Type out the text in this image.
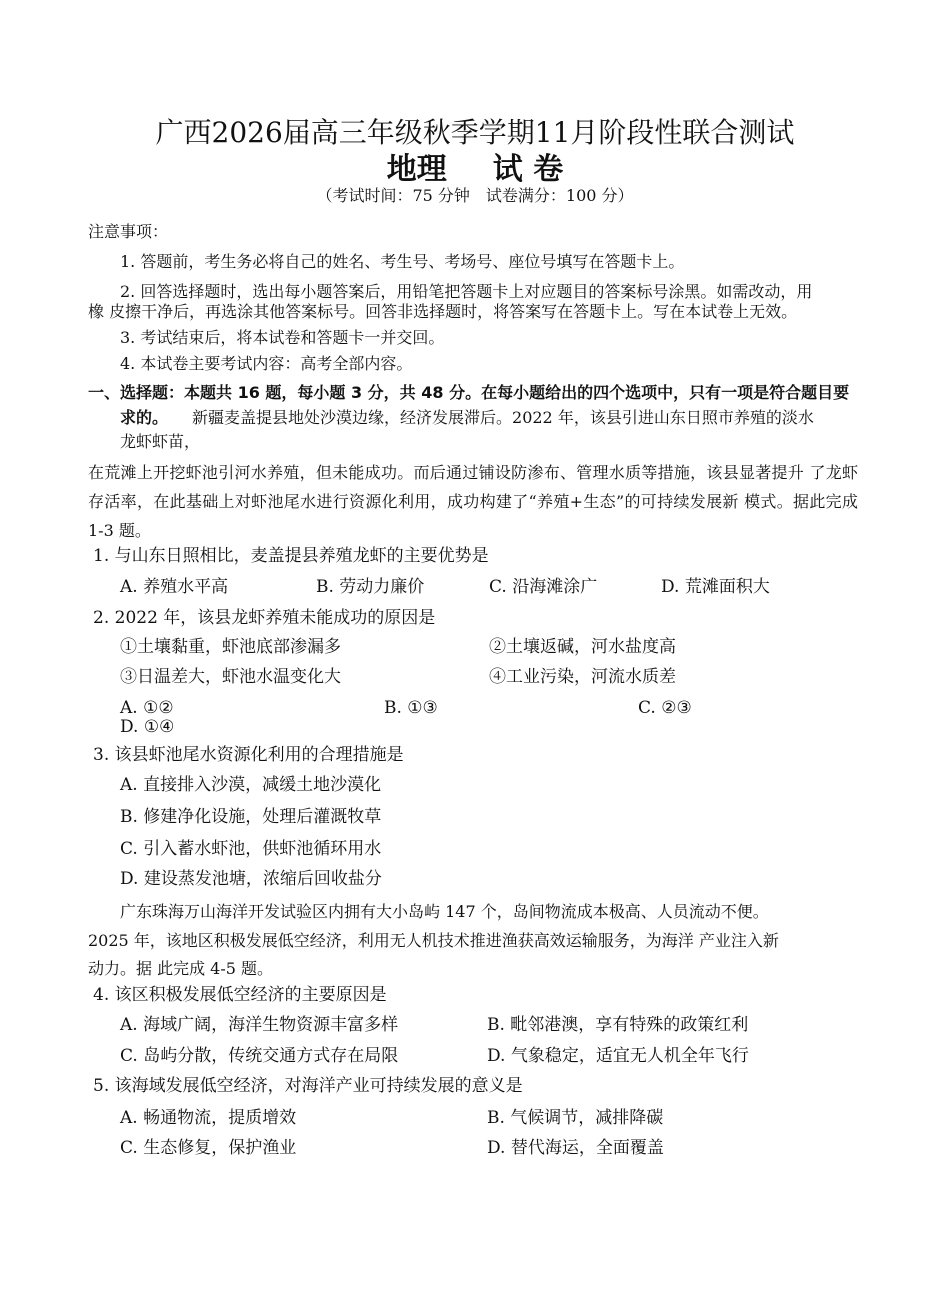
广西2026届高三年级秋季学期11月阶段性联合测试
地理 试 卷
（考试时间：75 分钟　试卷满分：100 分）
注意事项：
1. 答题前，考生务必将自己的姓名、考生号、考场号、座位号填写在答题卡上。
2. 回答选择题时，选出每小题答案后，用铅笔把答题卡上对应题目的答案标号涂黑。如需改动，用
橡 皮擦干净后，再选涂其他答案标号。回答非选择题时，将答案写在答题卡上。写在本试卷上无效。
3. 考试结束后，将本试卷和答题卡一并交回。
4. 本试卷主要考试内容：高考全部内容。
一、选择题：本题共 16 题，每小题 3 分，共 48 分。在每小题给出的四个选项中，只有一项是符合题目要
求的。 新疆麦盖提县地处沙漠边缘，经济发展滞后。2022 年，该县引进山东日照市养殖的淡水
龙虾虾苗，
在荒滩上开挖虾池引河水养殖，但未能成功。而后通过铺设防渗布、管理水质等措施，该县显著提升 了龙虾存活率，在此基础上对虾池尾水进行资源化利用，成功构建了“养殖+生态”的可持续发展新 模式。据此完成 1-3 题。
1. 与山东日照相比，麦盖提县养殖龙虾的主要优势是
A. 养殖水平高	B. 劳动力廉价	C. 沿海滩涂广	D. 荒滩面积大
2. 2022 年，该县龙虾养殖未能成功的原因是
①土壤黏重，虾池底部渗漏多	②土壤返碱，河水盐度高
③日温差大，虾池水温变化大	④工业污染，河流水质差
A. ①②	B. ①③	C. ②③
D. ①④
3. 该县虾池尾水资源化利用的合理措施是
A. 直接排入沙漠，减缓土地沙漠化
B. 修建净化设施，处理后灌溉牧草
C. 引入蓄水虾池，供虾池循环用水
D. 建设蒸发池塘，浓缩后回收盐分
广东珠海万山海洋开发试验区内拥有大小岛屿 147 个，岛间物流成本极高、人员流动不便。
2025 年，该地区积极发展低空经济，利用无人机技术推进渔获高效运输服务，为海洋 产业注入新
动力。据 此完成 4-5 题。
4. 该区积极发展低空经济的主要原因是
A. 海域广阔，海洋生物资源丰富多样	B. 毗邻港澳，享有特殊的政策红利
C. 岛屿分散，传统交通方式存在局限	D. 气象稳定，适宜无人机全年飞行
5. 该海域发展低空经济，对海洋产业可持续发展的意义是
A. 畅通物流，提质增效	B. 气候调节，减排降碳
C. 生态修复，保护渔业	D. 替代海运，全面覆盖
